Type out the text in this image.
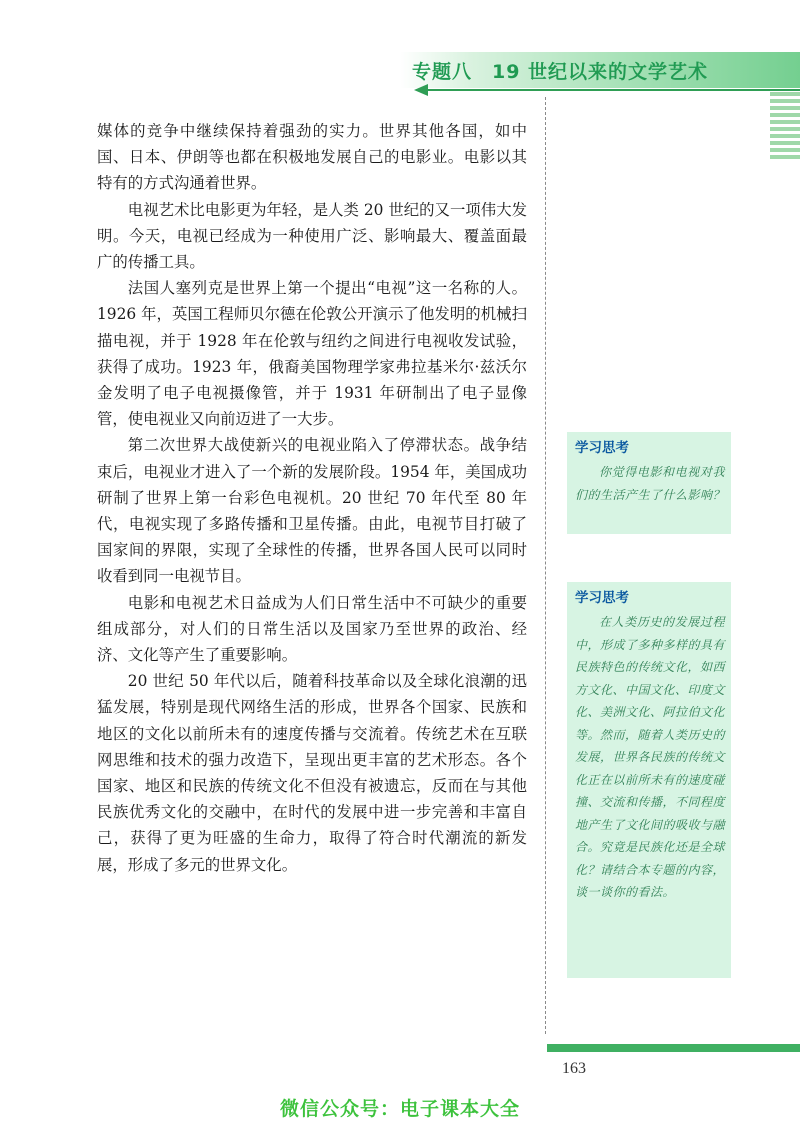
专题八　19 世纪以来的文学艺术

媒体的竞争中继续保持着强劲的实力。世界其他各国，如中国、日本、伊朗等也都在积极地发展自己的电影业。电影以其特有的方式沟通着世界。

电视艺术比电影更为年轻，是人类 20 世纪的又一项伟大发明。今天，电视已经成为一种使用广泛、影响最大、覆盖面最广的传播工具。

法国人塞列克是世界上第一个提出“电视”这一名称的人。1926 年，英国工程师贝尔德在伦敦公开演示了他发明的机械扫描电视，并于 1928 年在伦敦与纽约之间进行电视收发试验，获得了成功。1923 年，俄裔美国物理学家弗拉基米尔·兹沃尔金发明了电子电视摄像管，并于 1931 年研制出了电子显像管，使电视业又向前迈进了一大步。

第二次世界大战使新兴的电视业陷入了停滞状态。战争结束后，电视业才进入了一个新的发展阶段。1954 年，美国成功研制了世界上第一台彩色电视机。20 世纪 70 年代至 80 年代，电视实现了多路传播和卫星传播。由此，电视节目打破了国家间的界限，实现了全球性的传播，世界各国人民可以同时收看到同一电视节目。

电影和电视艺术日益成为人们日常生活中不可缺少的重要组成部分，对人们的日常生活以及国家乃至世界的政治、经济、文化等产生了重要影响。

20 世纪 50 年代以后，随着科技革命以及全球化浪潮的迅猛发展，特别是现代网络生活的形成，世界各个国家、民族和地区的文化以前所未有的速度传播与交流着。传统艺术在互联网思维和技术的强力改造下，呈现出更丰富的艺术形态。各个国家、地区和民族的传统文化不但没有被遗忘，反而在与其他民族优秀文化的交融中，在时代的发展中进一步完善和丰富自己，获得了更为旺盛的生命力，取得了符合时代潮流的新发展，形成了多元的世界文化。

学习思考
你觉得电影和电视对我们的生活产生了什么影响？
学习思考
在人类历史的发展过程中，形成了多种多样的具有民族特色的传统文化，如西方文化、中国文化、印度文化、美洲文化、阿拉伯文化等。然而，随着人类历史的发展，世界各民族的传统文化正在以前所未有的速度碰撞、交流和传播，不同程度地产生了文化间的吸收与融合。究竟是民族化还是全球化？请结合本专题的内容，谈一谈你的看法。
163
微信公众号：电子课本大全
